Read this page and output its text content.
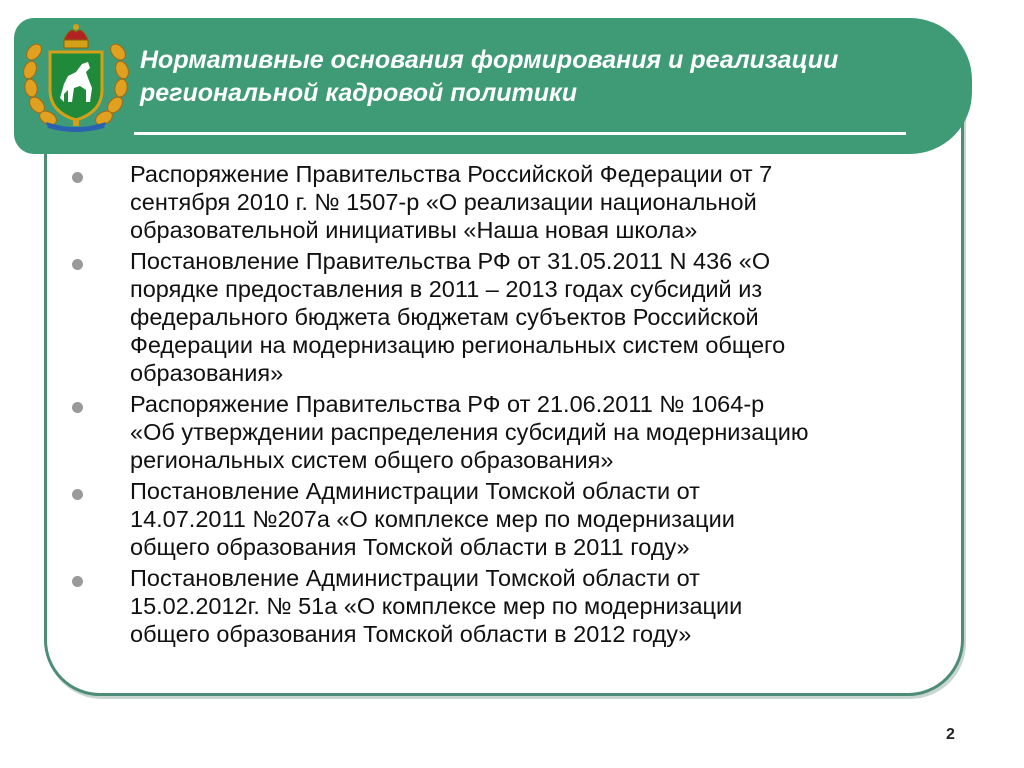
Нормативные основания формирования и реализации
региональной кадровой политики
Распоряжение Правительства Российской Федерации от 7
сентября 2010 г. № 1507-р «О реализации национальной
образовательной инициативы «Наша новая школа»
Постановление Правительства РФ от 31.05.2011 N 436 «О
порядке предоставления в 2011 – 2013 годах субсидий из
федерального бюджета бюджетам субъектов Российской
Федерации на модернизацию региональных систем общего
образования»
Распоряжение Правительства РФ от 21.06.2011 № 1064-р
«Об утверждении распределения субсидий на модернизацию
региональных систем общего образования»
Постановление Администрации Томской области от
14.07.2011 №207а «О комплексе мер по модернизации
общего образования Томской области в 2011 году»
Постановление Администрации Томской области от
15.02.2012г. № 51а «О комплексе мер по модернизации
общего образования Томской области в 2012 году»
2
